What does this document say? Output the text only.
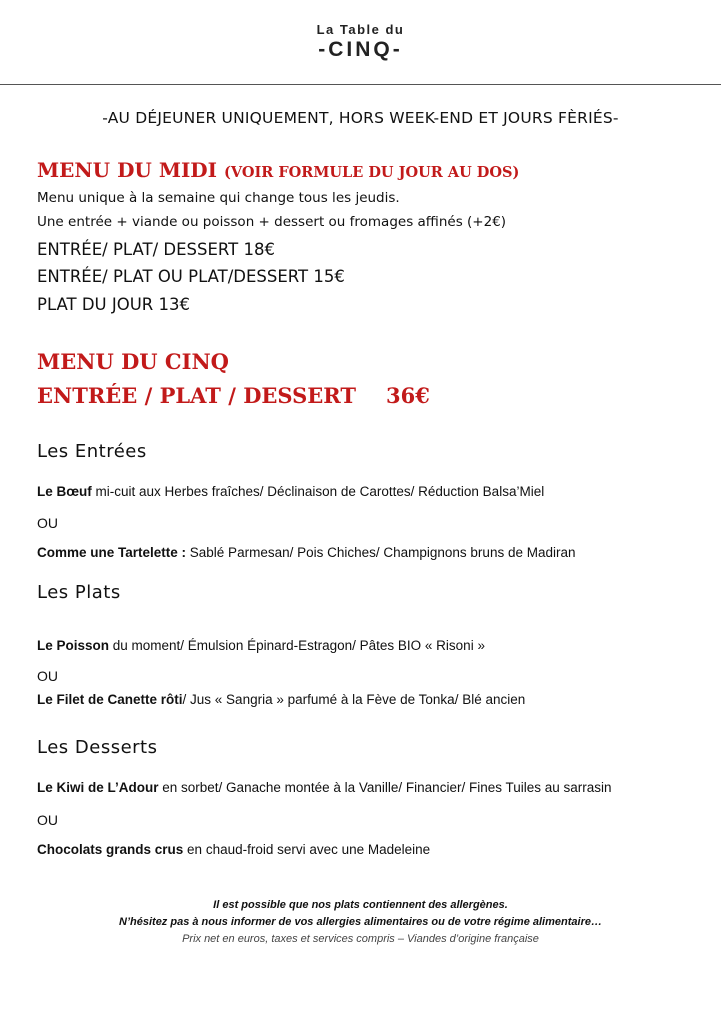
La Table du
-CINQ-
-AU DÉJEUNER UNIQUEMENT, HORS WEEK-END ET JOURS FÈRIÉS-
MENU DU MIDI (VOIR FORMULE DU JOUR AU DOS)
Menu unique à la semaine qui change tous les jeudis.
Une entrée + viande ou poisson + dessert ou fromages affinés (+2€)
ENTRÉE/ PLAT/ DESSERT 18€
ENTRÉE/ PLAT OU PLAT/DESSERT 15€
PLAT DU JOUR 13€
MENU DU CINQ
ENTRÉE / PLAT / DESSERT 36€
Les Entrées
Le Bœuf mi-cuit aux Herbes fraîches/ Déclinaison de Carottes/ Réduction Balsa’Miel
OU
Comme une Tartelette : Sablé Parmesan/ Pois Chiches/ Champignons bruns de Madiran
Les Plats
Le Poisson du moment/ Émulsion Épinard-Estragon/ Pâtes BIO « Risoni »
OU
Le Filet de Canette rôti/ Jus « Sangria » parfumé à la Fève de Tonka/ Blé ancien
Les Desserts
Le Kiwi de L’Adour en sorbet/ Ganache montée à la Vanille/ Financier/ Fines Tuiles au sarrasin
OU
Chocolats grands crus en chaud-froid servi avec une Madeleine
Il est possible que nos plats contiennent des allergènes.
N’hésitez pas à nous informer de vos allergies alimentaires ou de votre régime alimentaire…
Prix net en euros, taxes et services compris – Viandes d’origine française
